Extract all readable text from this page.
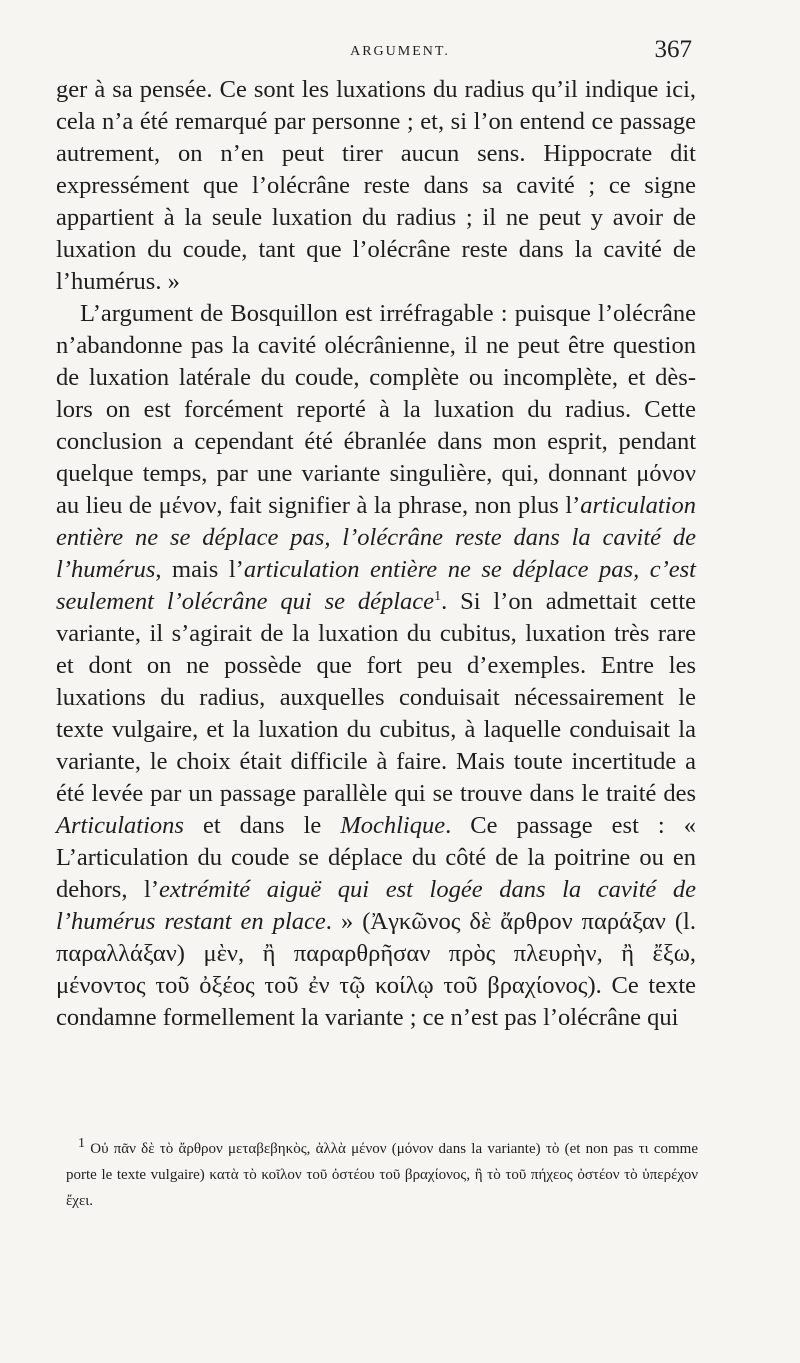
ARGUMENT.	367

ger à sa pensée. Ce sont les luxations du radius qu’il indique ici, cela n’a été remarqué par personne ; et, si l’on entend ce passage autrement, on n’en peut tirer aucun sens. Hippocrate dit expressément que l’olécrâne reste dans sa cavité ; ce signe appartient à la seule luxation du radius ; il ne peut y avoir de luxation du coude, tant que l’olécrâne reste dans la cavité de l’humérus. »

L’argument de Bosquillon est irréfragable : puisque l’olécrâne n’abandonne pas la cavité olécrânienne, il ne peut être question de luxation latérale du coude, complète ou incomplète, et dès-lors on est forcément reporté à la luxation du radius. Cette conclusion a cependant été ébranlée dans mon esprit, pendant quelque temps, par une variante singulière, qui, donnant μόνον au lieu de μένον, fait signifier à la phrase, non plus l’articulation entière ne se déplace pas, l’olécrâne reste dans la cavité de l’humérus, mais l’articulation entière ne se déplace pas, c’est seulement l’olécrâne qui se déplace$^1$. Si l’on admettait cette variante, il s’agirait de la luxation du cubitus, luxation très rare et dont on ne possède que fort peu d’exemples. Entre les luxations du radius, auxquelles conduisait nécessairement le texte vulgaire, et la luxation du cubitus, à laquelle conduisait la variante, le choix était difficile à faire. Mais toute incertitude a été levée par un passage parallèle qui se trouve dans le traité des Articulations et dans le Mochlique. Ce passage est : « L’articulation du coude se déplace du côté de la poitrine ou en dehors, l’extrémité aiguë qui est logée dans la cavité de l’humérus restant en place. » (Ἀγκῶνος δὲ ἄρθρον παράξαν (l. παραλλάξαν) μὲν, ἢ παραρθρῆσαν πρὸς πλευρὴν, ἢ ἔξω, μένοντος τοῦ ὀξέος τοῦ ἐν τῷ κοίλῳ τοῦ βραχίονος). Ce texte condamne formellement la variante ; ce n’est pas l’olécrâne qui

$^1$ Οὐ πᾶν δὲ τὸ ἄρθρον μεταβεβηκὸς, ἀλλὰ μένον (μόνον dans la variante) τὸ (et non pas τι comme porte le texte vulgaire) κατὰ τὸ κοῖλον τοῦ ὀστέου τοῦ βραχίονος, ἢ τὸ τοῦ πήχεος ὀστέον τὸ ὑπερέχον ἔχει.
